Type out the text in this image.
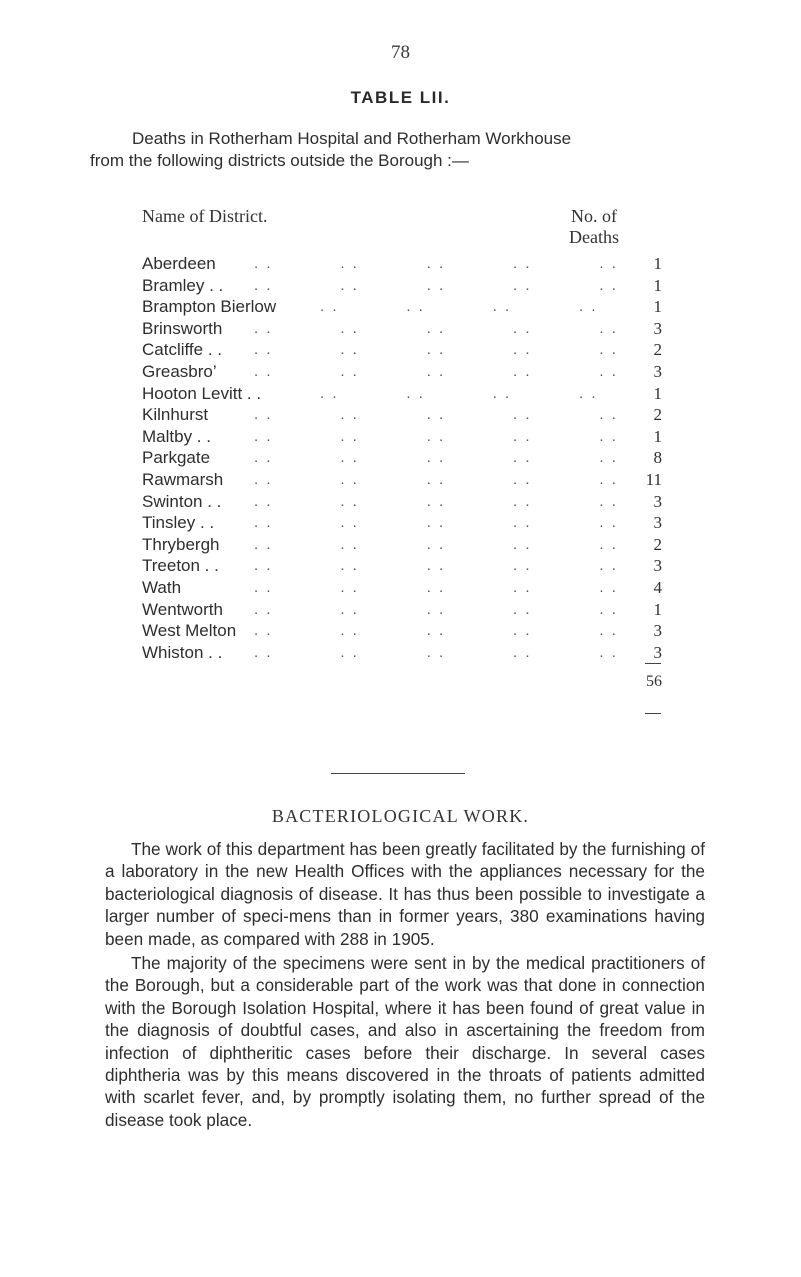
78
TABLE LII.
Deaths in Rotherham Hospital and Rotherham Workhouse
from the following districts outside the Borough :—
Name of District.	No. of
Deaths
Aberdeen . .	1
Bramley . . . .	1
Brampton Bierlow . .	1
Brinsworth . .	3
Catcliffe . . . .	2
Greasbro’ . .	3
Hooton Levitt . . . .	1
Kilnhurst . .	2
Maltby . . . .	1
Parkgate . .	8
Rawmarsh . .	11
Swinton . . . .	3
Tinsley . . . .	3
Thrybergh . .	2
Treeton . . . .	3
Wath . .	4
Wentworth . .	1
West Melton . .	3
Whiston . . . .	3
56
BACTERIOLOGICAL WORK.

The work of this department has been greatly facilitated by the furnishing of a laboratory in the new Health Offices with the appliances necessary for the bacteriological diagnosis of disease. It has thus been possible to investigate a larger number of speci-mens than in former years, 380 examinations having been made, as compared with 288 in 1905.

The majority of the specimens were sent in by the medical practitioners of the Borough, but a considerable part of the work was that done in connection with the Borough Isolation Hospital, where it has been found of great value in the diagnosis of doubtful cases, and also in ascertaining the freedom from infection of diphtheritic cases before their discharge. In several cases diphtheria was by this means discovered in the throats of patients admitted with scarlet fever, and, by promptly isolating them, no further spread of the disease took place.
